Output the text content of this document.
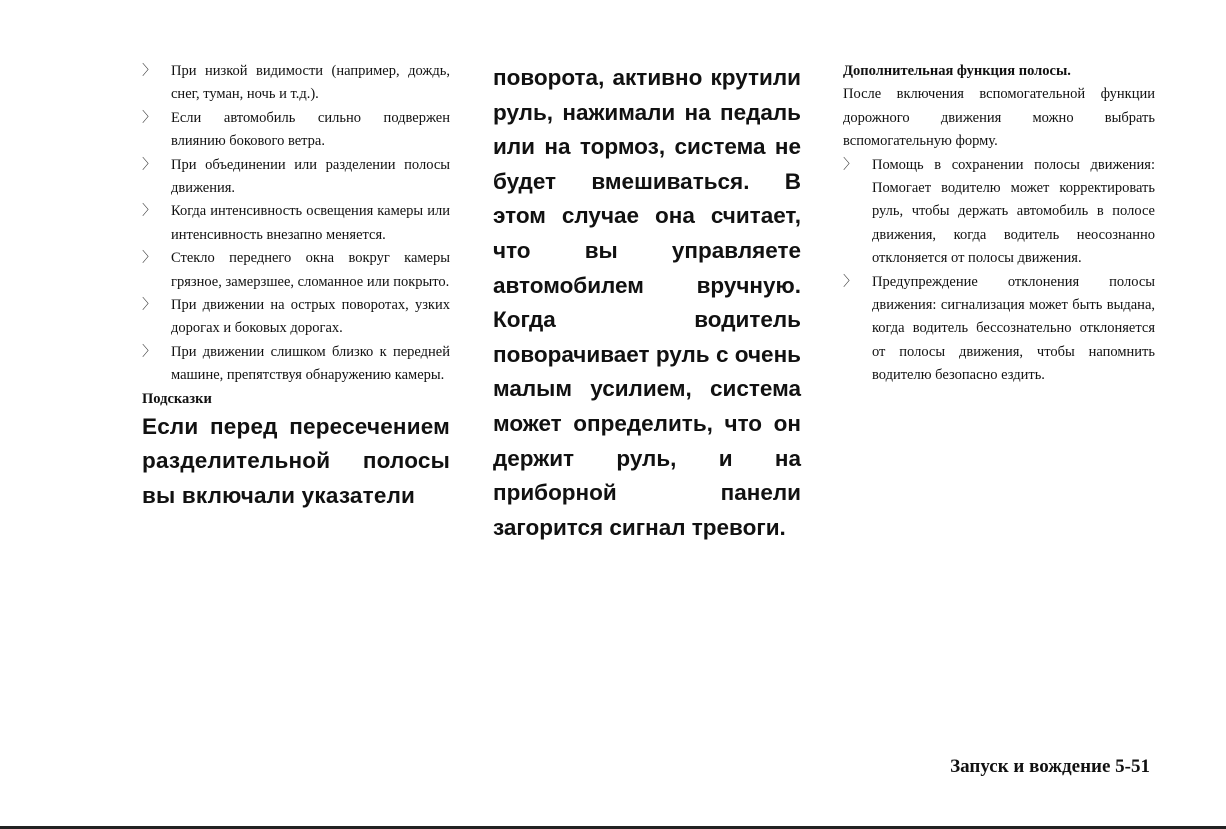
〉	При низкой видимости (например, дождь, снег, туман, ночь и т.д.).
〉	Если автомобиль сильно подвержен влиянию бокового ветра.
〉	При объединении или разделении полосы движения.
〉	Когда интенсивность освещения камеры или интенсивность внезапно меняется.
〉	Стекло переднего окна вокруг камеры грязное, замерзшее, сломанное или покрыто.
〉	При движении на острых поворотах, узких дорогах и боковых дорогах.
〉	При движении слишком близко к передней машине, препятствуя обнаружению камеры.
Подсказки
Если перед пересечением разделительной полосы вы включали указатели
поворота, активно крутили руль, нажимали на педаль или на тормоз, система не будет вмешиваться. В этом случае она считает, что вы управляете автомобилем вручную. Когда водитель поворачивает руль с очень малым усилием, система может определить, что он держит руль, и на приборной панели загорится сигнал тревоги.
Дополнительная функция полосы.
После включения вспомогательной функции дорожного движения можно выбрать вспомогательную форму.
〉	Помощь в сохранении полосы движения: Помогает водителю может корректировать руль, чтобы держать автомобиль в полосе движения, когда водитель неосознанно отклоняется от полосы движения.
〉	Предупреждение отклонения полосы движения: сигнализация может быть выдана, когда водитель бессознательно отклоняется от полосы движения, чтобы напомнить водителю безопасно ездить.
Запуск и вождение 5-51
